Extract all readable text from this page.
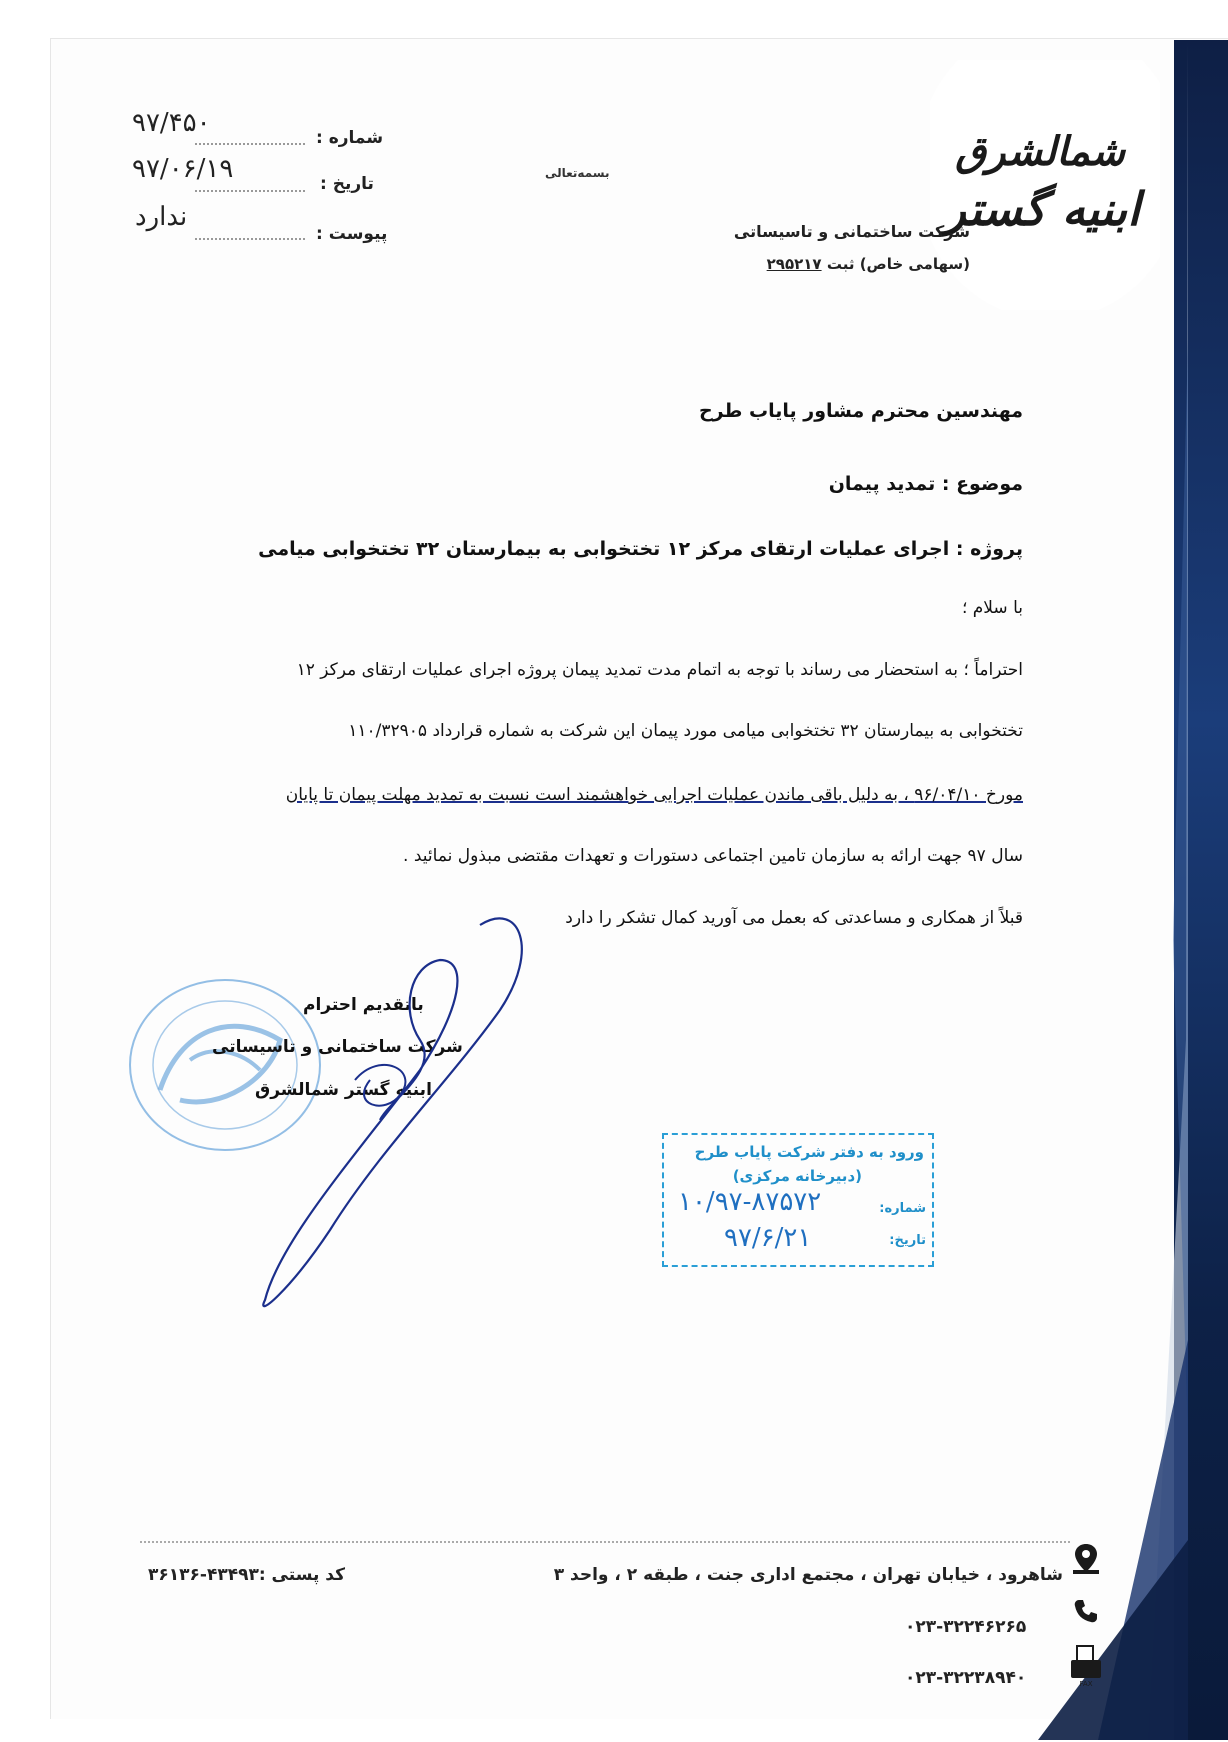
شمالشرق
ابنیه گستر
شرکت ساختمانی و تاسیساتی
(سهامی خاص) ثبت ۲۹۵۲۱۷
بسمه‌تعالی
شماره :
۹۷/۴۵۰
تاریخ :
۹۷/۰۶/۱۹
پیوست :
ندارد
مهندسین محترم مشاور پایاب طرح
موضوع : تمدید پیمان
پروژه : اجرای عملیات ارتقای مرکز ۱۲ تختخوابی به بیمارستان ۳۲ تختخوابی میامی
با سلام ؛
احتراماً ؛ به استحضار می رساند با توجه به اتمام مدت تمدید پیمان پروژه اجرای عملیات ارتقای مرکز ۱۲
تختخوابی به بیمارستان ۳۲ تختخوابی میامی مورد پیمان این شرکت به شماره قرارداد ۱۱۰/۳۲۹۰۵
مورخ ۹۶/۰۴/۱۰ ، به دلیل باقی ماندن عملیات اجرایی خواهشمند است نسبت به تمدید مهلت پیمان تا پایان
سال ۹۷ جهت ارائه به سازمان تامین اجتماعی دستورات و تعهدات مقتضی مبذول نمائید .
قبلاً از همکاری و مساعدتی که بعمل می آورید کمال تشکر را دارد
باتقدیم احترام
شرکت ساختمانی و تاسیساتی
ابنیه گستر شمالشرق
ورود به دفتر شرکت پایاب طرح
(دبیرخانه مرکزی)
شماره:
۱۰/۹۷-۸۷۵۷۲
تاریخ:
۹۷/۶/۲۱
شاهرود ، خیابان تهران ، مجتمع اداری جنت ، طبقه ۲ ، واحد ۳
کد پستی :۴۳۴۹۳-۳۶۱۳۶
۰۲۳-۳۲۲۴۶۲۶۵
FAX
۰۲۳-۳۲۲۳۸۹۴۰
